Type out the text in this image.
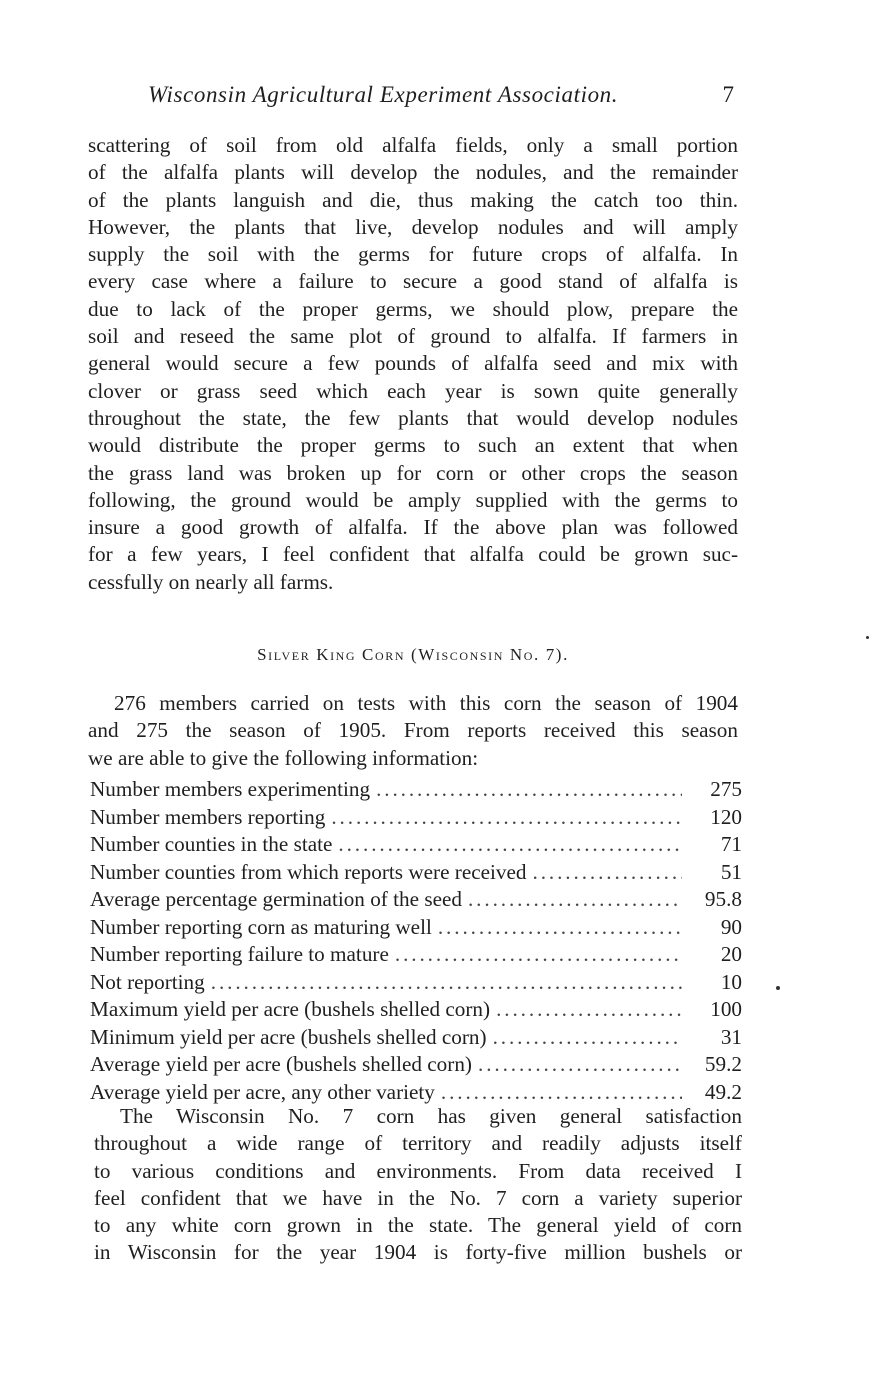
Wisconsin Agricultural Experiment Association.	7
scattering of soil from old alfalfa fields, only a small portion
of the alfalfa plants will develop the nodules, and the remainder
of the plants languish and die, thus making the catch too thin.
However, the plants that live, develop nodules and will amply
supply the soil with the germs for future crops of alfalfa. In
every case where a failure to secure a good stand of alfalfa is
due to lack of the proper germs, we should plow, prepare the
soil and reseed the same plot of ground to alfalfa. If farmers in
general would secure a few pounds of alfalfa seed and mix with
clover or grass seed which each year is sown quite generally
throughout the state, the few plants that would develop nodules
would distribute the proper germs to such an extent that when
the grass land was broken up for corn or other crops the season
following, the ground would be amply supplied with the germs to
insure a good growth of alfalfa. If the above plan was followed
for a few years, I feel confident that alfalfa could be grown suc-
cessfully on nearly all farms.
Silver King Corn (Wisconsin No. 7).
276 members carried on tests with this corn the season of 1904
and 275 the season of 1905. From reports received this season
we are able to give the following information:
Number members experimenting . . .	275
Number members reporting . . .	120
Number counties in the state . . .	71
Number counties from which reports were received . . .	51
Average percentage germination of the seed . . .	95.8
Number reporting corn as maturing well . . .	90
Number reporting failure to mature . . .	20
Not reporting . . .	10
Maximum yield per acre (bushels shelled corn) . . .	100
Minimum yield per acre (bushels shelled corn) . . .	31
Average yield per acre (bushels shelled corn) . . .	59.2
Average yield per acre, any other variety . . .	49.2
The Wisconsin No. 7 corn has given general satisfaction
throughout a wide range of territory and readily adjusts itself
to various conditions and environments. From data received I
feel confident that we have in the No. 7 corn a variety superior
to any white corn grown in the state. The general yield of corn
in Wisconsin for the year 1904 is forty-five million bushels or
